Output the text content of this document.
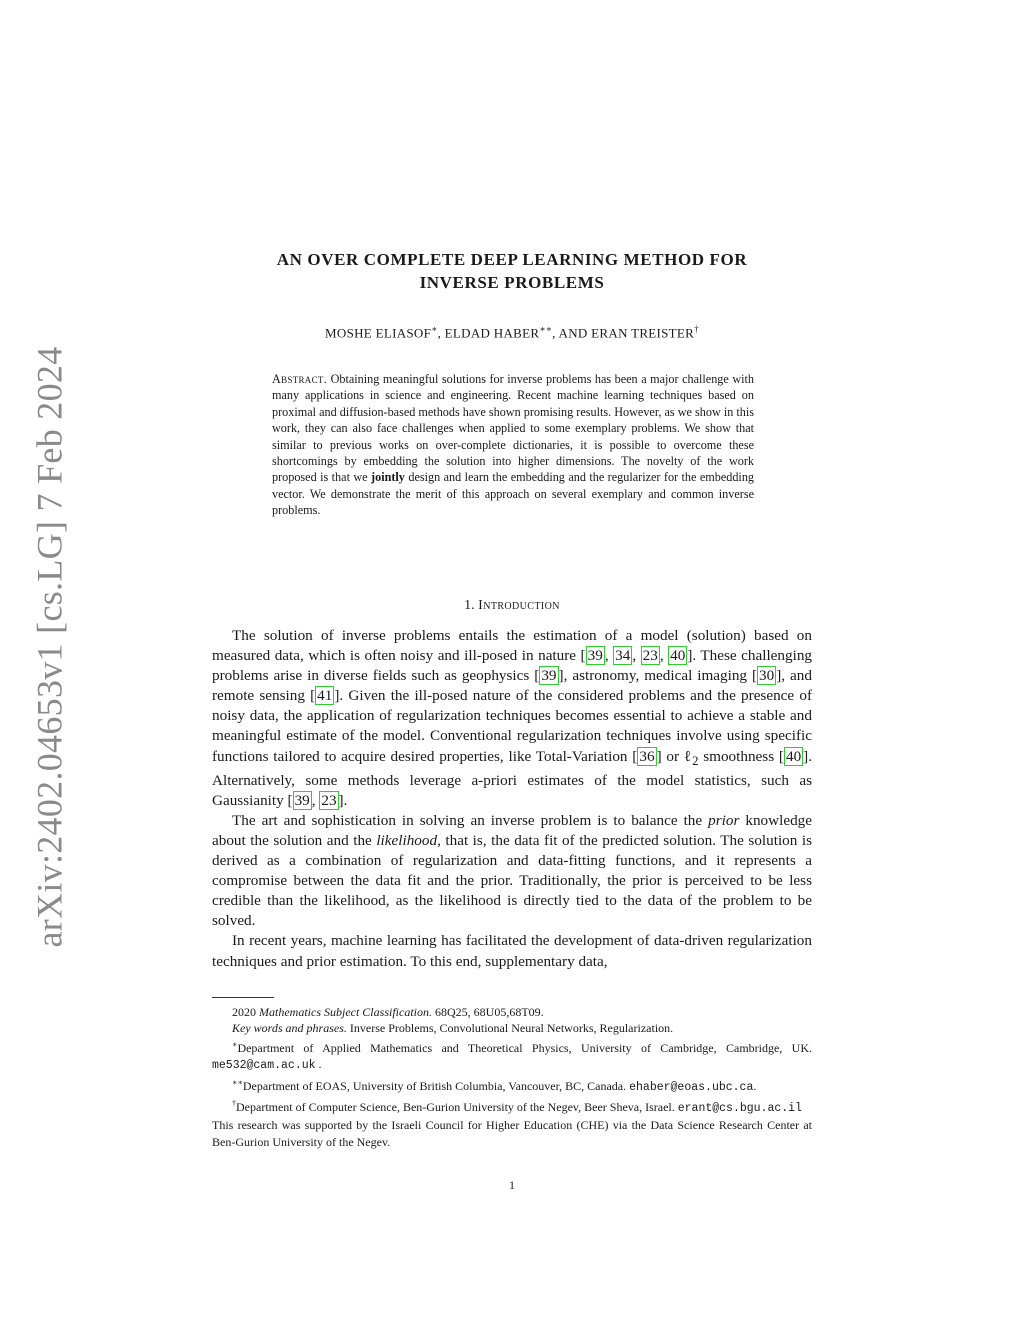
arXiv:2402.04653v1 [cs.LG] 7 Feb 2024
AN OVER COMPLETE DEEP LEARNING METHOD FOR
INVERSE PROBLEMS
MOSHE ELIASOF∗, ELDAD HABER∗∗, AND ERAN TREISTER†
Abstract. Obtaining meaningful solutions for inverse problems has been a major challenge with many applications in science and engineering. Recent machine learning techniques based on proximal and diffusion-based methods have shown promising results. However, as we show in this work, they can also face challenges when applied to some exemplary problems. We show that similar to previous works on over-complete dictionaries, it is possible to overcome these shortcomings by embedding the solution into higher dimensions. The novelty of the work proposed is that we jointly design and learn the embedding and the regularizer for the embedding vector. We demonstrate the merit of this approach on several exemplary and common inverse problems.
1. Introduction

The solution of inverse problems entails the estimation of a model (solution) based on measured data, which is often noisy and ill-posed in nature [ 39 , 34 , 23 , 40 ]. These challenging problems arise in diverse fields such as geophysics [ 39 ], astronomy, medical imaging [ 30 ], and remote sensing [ 41 ]. Given the ill-posed nature of the considered problems and the presence of noisy data, the application of regularization techniques becomes essential to achieve a stable and meaningful estimate of the model. Conventional regularization techniques involve using specific functions tailored to acquire desired properties, like Total-Variation [ 36 ] or ℓ$_2$ smoothness [ 40 ]. Alternatively, some methods leverage a-priori estimates of the model statistics, such as Gaussianity [ 39 , 23 ].

The art and sophistication in solving an inverse problem is to balance the prior knowledge about the solution and the likelihood, that is, the data fit of the predicted solution. The solution is derived as a combination of regularization and data-fitting functions, and it represents a compromise between the data fit and the prior. Traditionally, the prior is perceived to be less credible than the likelihood, as the likelihood is directly tied to the data of the problem to be solved.

In recent years, machine learning has facilitated the development of data-driven regularization techniques and prior estimation. To this end, supplementary data,

2020 Mathematics Subject Classification. 68Q25, 68U05,68T09.

Key words and phrases. Inverse Problems, Convolutional Neural Networks, Regularization.

∗Department of Applied Mathematics and Theoretical Physics, University of Cambridge, Cambridge, UK. me532@cam.ac.uk .

∗∗Department of EOAS, University of British Columbia, Vancouver, BC, Canada. ehaber@eoas.ubc.ca.

†Department of Computer Science, Ben-Gurion University of the Negev, Beer Sheva, Israel. erant@cs.bgu.ac.il

This research was supported by the Israeli Council for Higher Education (CHE) via the Data Science Research Center at Ben-Gurion University of the Negev.

1
